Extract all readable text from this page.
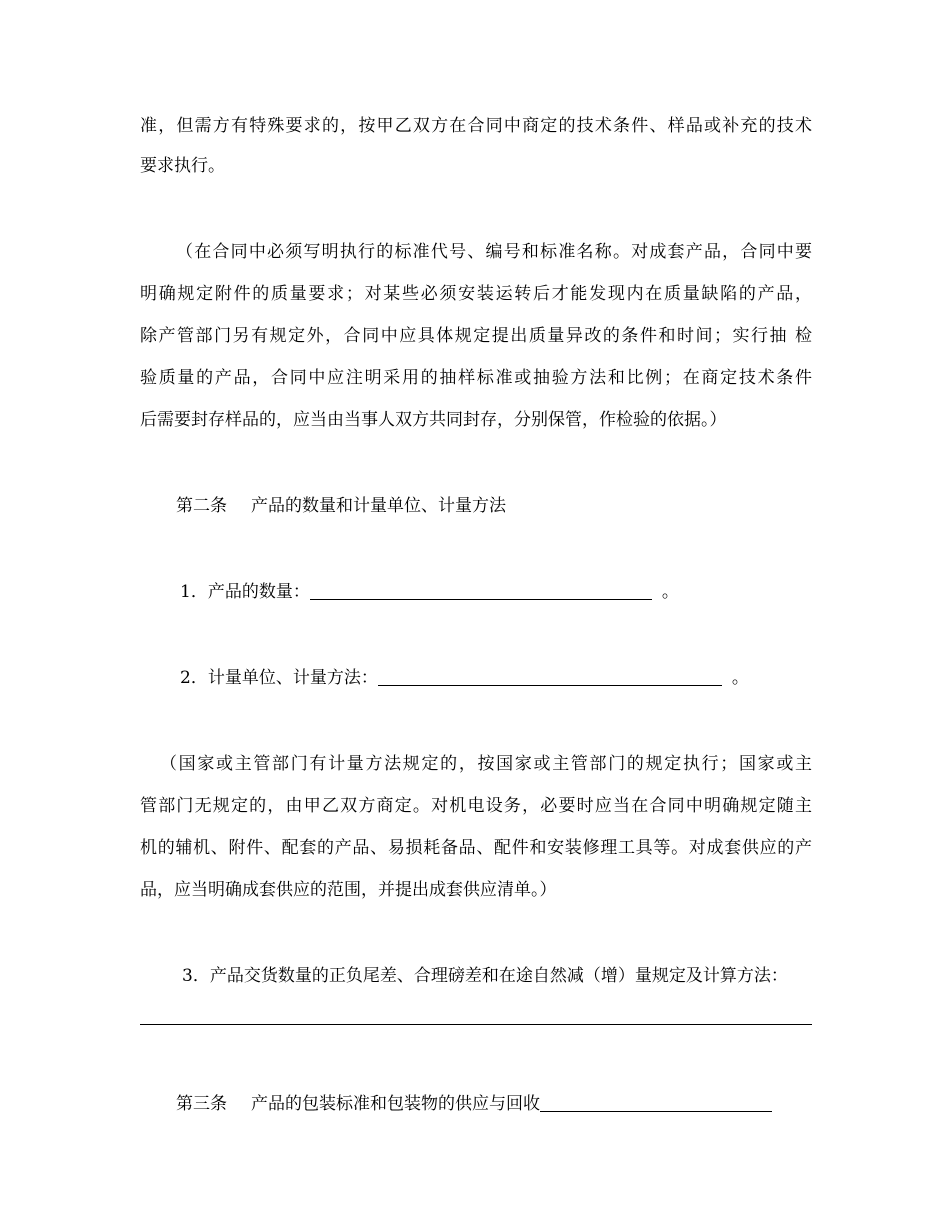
准，但需方有特殊要求的，按甲乙双方在合同中商定的技术条件、样品或补充的技术
要求执行。
（在合同中必须写明执行的标准代号、编号和标准名称。对成套产品，合同中要
明确规定附件的质量要求；对某些必须安装运转后才能发现内在质量缺陷的产品，
除产管部门另有规定外，合同中应具体规定提出质量异改的条件和时间；实行抽 检
验质量的产品，合同中应注明采用的抽样标准或抽验方法和比例；在商定技术条件
后需要封存样品的，应当由当事人双方共同封存，分别保管，作检验的依据。）
第二条 产品的数量和计量单位、计量方法
1．产品的数量：	。
2．计量单位、计量方法：	。
（国家或主管部门有计量方法规定的，按国家或主管部门的规定执行；国家或主
管部门无规定的，由甲乙双方商定。对机电设务，必要时应当在合同中明确规定随主
机的辅机、附件、配套的产品、易损耗备品、配件和安装修理工具等。对成套供应的产
品，应当明确成套供应的范围，并提出成套供应清单。）
3．产品交货数量的正负尾差、合理磅差和在途自然减（增）量规定及计算方法：
第三条 产品的包装标准和包装物的供应与回收
